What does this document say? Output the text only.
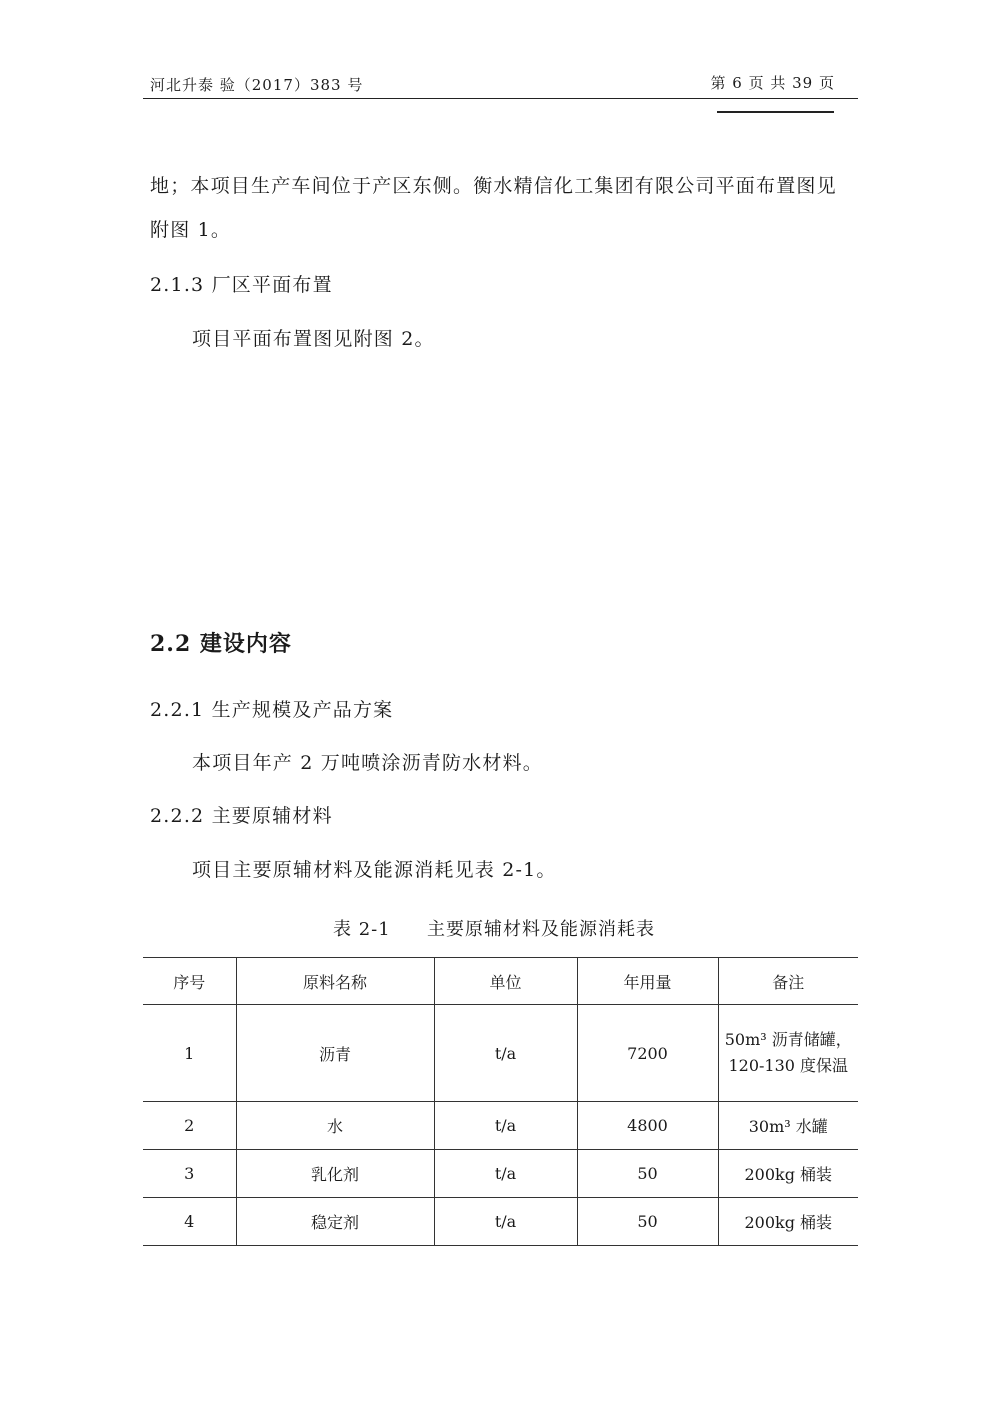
河北升泰 验（2017）383 号	第 6 页 共 39 页
地；本项目生产车间位于产区东侧。衡水精信化工集团有限公司平面布置图见
附图 1。
2.1.3 厂区平面布置
项目平面布置图见附图 2。
2.2 建设内容
2.2.1 生产规模及产品方案
本项目年产 2 万吨喷涂沥青防水材料。
2.2.2 主要原辅材料
项目主要原辅材料及能源消耗见表 2-1。
表 2-1 主要原辅材料及能源消耗表
序号	原料名称	单位	年用量	备注
1	沥青	t/a	7200	50m³ 沥青储罐，120-130 度保温
2	水	t/a	4800	30m³ 水罐
3	乳化剂	t/a	50	200kg 桶装
4	稳定剂	t/a	50	200kg 桶装
